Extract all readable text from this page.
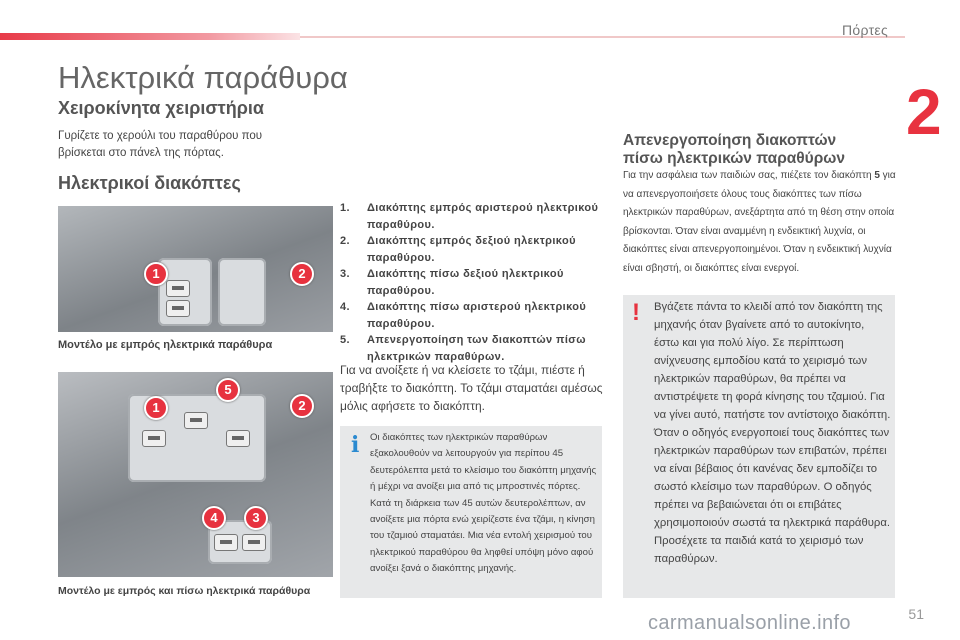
Πόρτες
2
Ηλεκτρικά παράθυρα
Χειροκίνητα χειριστήρια
Γυρίζετε το χερούλι του παραθύρου που βρίσκεται στο πάνελ της πόρτας.
Ηλεκτρικοί διακόπτες
1	2
Μοντέλο με εμπρός ηλεκτρικά παράθυρα
5
1	2
4	3
Μοντέλο με εμπρός και πίσω ηλεκτρικά παράθυρα
1. Διακόπτης εμπρός αριστερού ηλεκτρικού παραθύρου.
2. Διακόπτης εμπρός δεξιού ηλεκτρικού παραθύρου.
3. Διακόπτης πίσω δεξιού ηλεκτρικού παραθύρου.
4. Διακόπτης πίσω αριστερού ηλεκτρικού παραθύρου.
5. Απενεργοποίηση των διακοπτών πίσω ηλεκτρικών παραθύρων.
Για να ανοίξετε ή να κλείσετε το τζάμι, πιέστε ή τραβήξτε το διακόπτη. Το τζάμι σταματάει αμέσως μόλις αφήσετε το διακόπτη.
i Οι διακόπτες των ηλεκτρικών παραθύρων εξακολουθούν να λειτουργούν για περίπου 45 δευτερόλεπτα μετά το κλείσιμο του διακόπτη μηχανής ή μέχρι να ανοίξει μια από τις μπροστινές πόρτες. Κατά τη διάρκεια των 45 αυτών δευτερολέπτων, αν ανοίξετε μια πόρτα ενώ χειρίζεστε ένα τζάμι, η κίνηση του τζαμιού σταματάει. Μια νέα εντολή χειρισμού του ηλεκτρικού παραθύρου θα ληφθεί υπόψη μόνο αφού ανοίξει ξανά ο διακόπτης μηχανής.
Απενεργοποίηση διακοπτών
πίσω ηλεκτρικών παραθύρων
Για την ασφάλεια των παιδιών σας, πιέζετε τον διακόπτη 5 για να απενεργοποιήσετε όλους τους διακόπτες των πίσω ηλεκτρικών παραθύρων, ανεξάρτητα από τη θέση στην οποία βρίσκονται. Όταν είναι αναμμένη η ενδεικτική λυχνία, οι διακόπτες είναι απενεργοποιημένοι. Όταν η ενδεικτική λυχνία είναι σβηστή, οι διακόπτες είναι ενεργοί.
! Βγάζετε πάντα το κλειδί από τον διακόπτη της μηχανής όταν βγαίνετε από το αυτοκίνητο, έστω και για πολύ λίγο. Σε περίπτωση ανίχνευσης εμποδίου κατά το χειρισμό των ηλεκτρικών παραθύρων, θα πρέπει να αντιστρέψετε τη φορά κίνησης του τζαμιού. Για να γίνει αυτό, πατήστε τον αντίστοιχο διακόπτη. Όταν ο οδηγός ενεργοποιεί τους διακόπτες των ηλεκτρικών παραθύρων των επιβατών, πρέπει να είναι βέβαιος ότι κανένας δεν εμποδίζει το σωστό κλείσιμο των παραθύρων. Ο οδηγός πρέπει να βεβαιώνεται ότι οι επιβάτες χρησιμοποιούν σωστά τα ηλεκτρικά παράθυρα. Προσέχετε τα παιδιά κατά το χειρισμό των παραθύρων.
51
carmanualsonline.info
